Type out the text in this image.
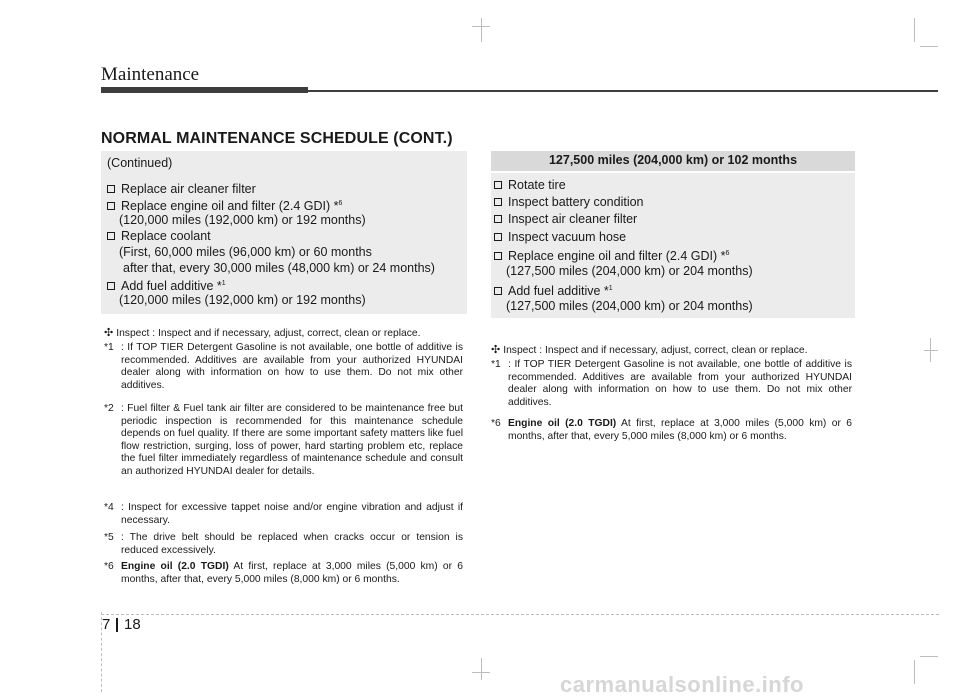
Maintenance
NORMAL MAINTENANCE SCHEDULE (CONT.)
(Continued)
Replace air cleaner filter
Replace engine oil and filter (2.4 GDI) *$^6$
(120,000 miles (192,000 km) or 192 months)
Replace coolant
(First, 60,000 miles (96,000 km) or 60 months
after that, every 30,000 miles (48,000 km) or 24 months)
Add fuel additive *$^1$
(120,000 miles (192,000 km) or 192 months)
✣ Inspect : Inspect and if necessary, adjust, correct, clean or replace.
*1 : If TOP TIER Detergent Gasoline is not available, one bottle of additive is recommended. Additives are available from your authorized HYUNDAI dealer along with information on how to use them. Do not mix other additives.
*2 : Fuel filter & Fuel tank air filter are considered to be maintenance free but periodic inspection is recommended for this maintenance schedule depends on fuel quality. If there are some important safety matters like fuel flow restriction, surging, loss of power, hard starting problem etc, replace the fuel filter immediately regardless of maintenance schedule and consult an authorized HYUNDAI dealer for details.
*4 : Inspect for excessive tappet noise and/or engine vibration and adjust if necessary.
*5 : The drive belt should be replaced when cracks occur or tension is reduced excessively.
*6 Engine oil (2.0 TGDI) At first, replace at 3,000 miles (5,000 km) or 6 months, after that, every 5,000 miles (8,000 km) or 6 months.
127,500 miles (204,000 km) or 102 months
Rotate tire
Inspect battery condition
Inspect air cleaner filter
Inspect vacuum hose
Replace engine oil and filter (2.4 GDI) *$^6$
(127,500 miles (204,000 km) or 204 months)
Add fuel additive *$^1$
(127,500 miles (204,000 km) or 204 months)
✣ Inspect : Inspect and if necessary, adjust, correct, clean or replace.
*1 : If TOP TIER Detergent Gasoline is not available, one bottle of additive is recommended. Additives are available from your authorized HYUNDAI dealer along with information on how to use them. Do not mix other additives.
*6 Engine oil (2.0 TGDI) At first, replace at 3,000 miles (5,000 km) or 6 months, after that, every 5,000 miles (8,000 km) or 6 months.
7 18
carmanualsonline.info
